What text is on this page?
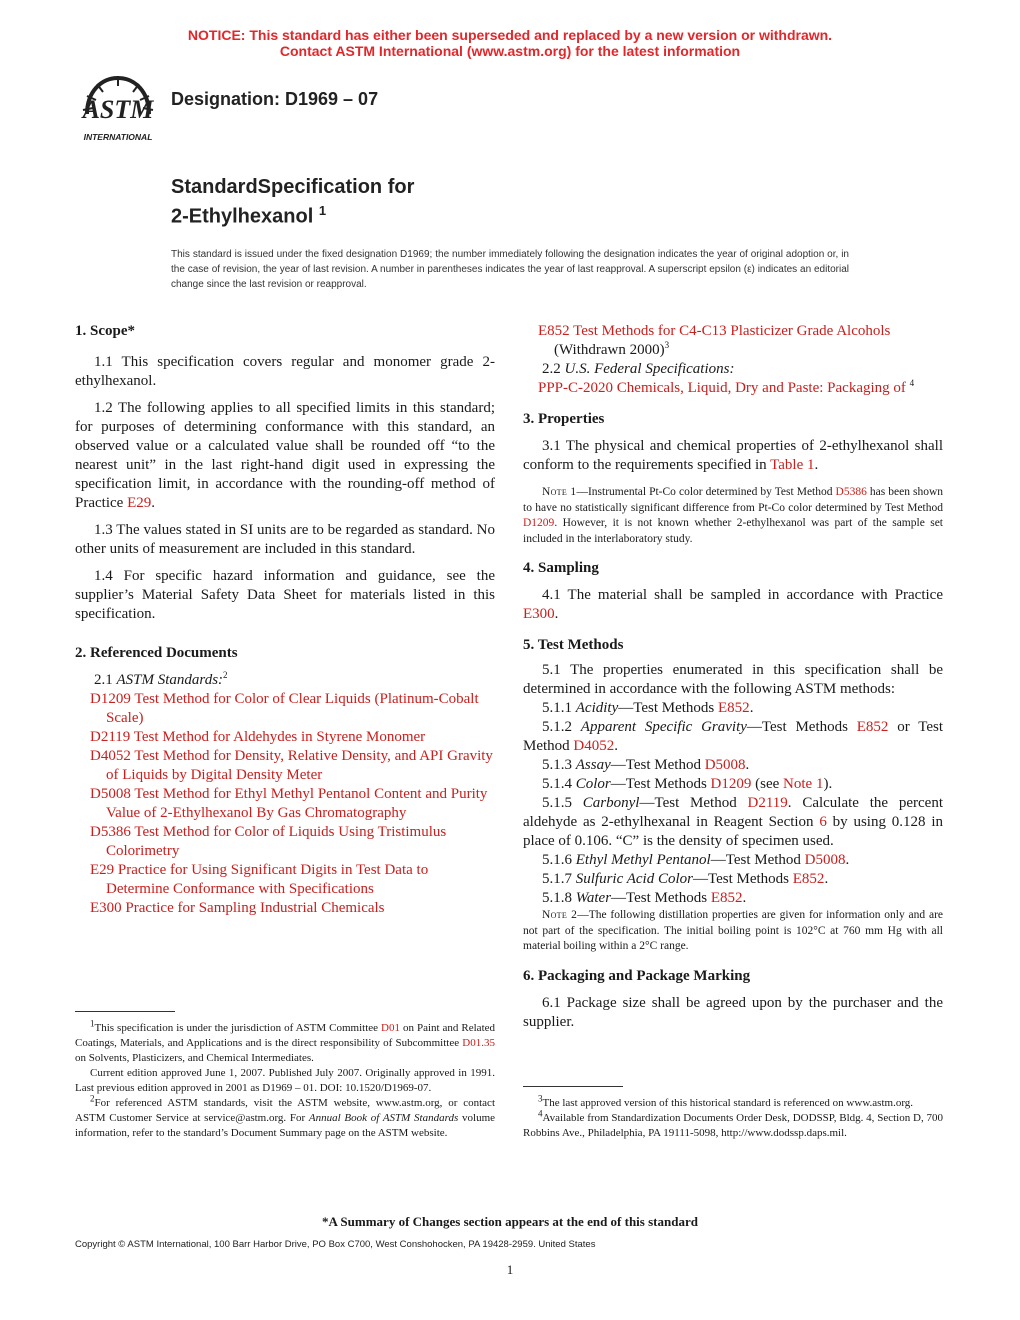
NOTICE: This standard has either been superseded and replaced by a new version or withdrawn.
Contact ASTM International (www.astm.org) for the latest information
ASTM
INTERNATIONAL
Designation: D1969 – 07
StandardSpecification for
2-Ethylhexanol $^1$
This standard is issued under the fixed designation D1969; the number immediately following the designation indicates the year of original adoption or, in the case of revision, the year of last revision. A number in parentheses indicates the year of last reapproval. A superscript epsilon (ε) indicates an editorial change since the last revision or reapproval.

1. Scope*

1.1 This specification covers regular and monomer grade 2-ethylhexanol.

1.2 The following applies to all specified limits in this standard; for purposes of determining conformance with this standard, an observed value or a calculated value shall be rounded off “to the nearest unit” in the last right-hand digit used in expressing the specification limit, in accordance with the rounding-off method of Practice E29.

1.3 The values stated in SI units are to be regarded as standard. No other units of measurement are included in this standard.

1.4 For specific hazard information and guidance, see the supplier’s Material Safety Data Sheet for materials listed in this specification.

2. Referenced Documents

2.1 ASTM Standards:$^2$

D1209 Test Method for Color of Clear Liquids (Platinum-Cobalt Scale)

D2119 Test Method for Aldehydes in Styrene Monomer

D4052 Test Method for Density, Relative Density, and API Gravity of Liquids by Digital Density Meter

D5008 Test Method for Ethyl Methyl Pentanol Content and Purity Value of 2-Ethylhexanol By Gas Chromatography

D5386 Test Method for Color of Liquids Using Tristimulus Colorimetry

E29 Practice for Using Significant Digits in Test Data to Determine Conformance with Specifications

E300 Practice for Sampling Industrial Chemicals

$^1$This specification is under the jurisdiction of ASTM Committee D01 on Paint and Related Coatings, Materials, and Applications and is the direct responsibility of Subcommittee D01.35 on Solvents, Plasticizers, and Chemical Intermediates.

Current edition approved June 1, 2007. Published July 2007. Originally approved in 1991. Last previous edition approved in 2001 as D1969 – 01. DOI: 10.1520/D1969-07.

$^2$For referenced ASTM standards, visit the ASTM website, www.astm.org, or contact ASTM Customer Service at service@astm.org. For Annual Book of ASTM Standards volume information, refer to the standard’s Document Summary page on the ASTM website.

E852 Test Methods for C4-C13 Plasticizer Grade Alcohols (Withdrawn 2000)$^3$

2.2 U.S. Federal Specifications:

PPP-C-2020 Chemicals, Liquid, Dry and Paste: Packaging of $^4$

3. Properties

3.1 The physical and chemical properties of 2-ethylhexanol shall conform to the requirements specified in Table 1.

Note 1—Instrumental Pt-Co color determined by Test Method D5386 has been shown to have no statistically significant difference from Pt-Co color determined by Test Method D1209. However, it is not known whether 2-ethylhexanol was part of the sample set included in the interlaboratory study.

4. Sampling

4.1 The material shall be sampled in accordance with Practice E300.

5. Test Methods

5.1 The properties enumerated in this specification shall be determined in accordance with the following ASTM methods:

5.1.1 Acidity—Test Methods E852.

5.1.2 Apparent Specific Gravity—Test Methods E852 or Test Method D4052.

5.1.3 Assay—Test Method D5008.

5.1.4 Color—Test Methods D1209 (see Note 1).

5.1.5 Carbonyl—Test Method D2119. Calculate the percent aldehyde as 2-ethylhexanal in Reagent Section 6 by using 0.128 in place of 0.106. “C” is the density of specimen used.

5.1.6 Ethyl Methyl Pentanol—Test Method D5008.

5.1.7 Sulfuric Acid Color—Test Methods E852.

5.1.8 Water—Test Methods E852.

Note 2—The following distillation properties are given for information only and are not part of the specification. The initial boiling point is 102°C at 760 mm Hg with all material boiling within a 2°C range.

6. Packaging and Package Marking

6.1 Package size shall be agreed upon by the purchaser and the supplier.

$^3$The last approved version of this historical standard is referenced on www.astm.org.

$^4$Available from Standardization Documents Order Desk, DODSSP, Bldg. 4, Section D, 700 Robbins Ave., Philadelphia, PA 19111-5098, http://www.dodssp.daps.mil.

*A Summary of Changes section appears at the end of this standard
Copyright © ASTM International, 100 Barr Harbor Drive, PO Box C700, West Conshohocken, PA 19428-2959. United States
1
